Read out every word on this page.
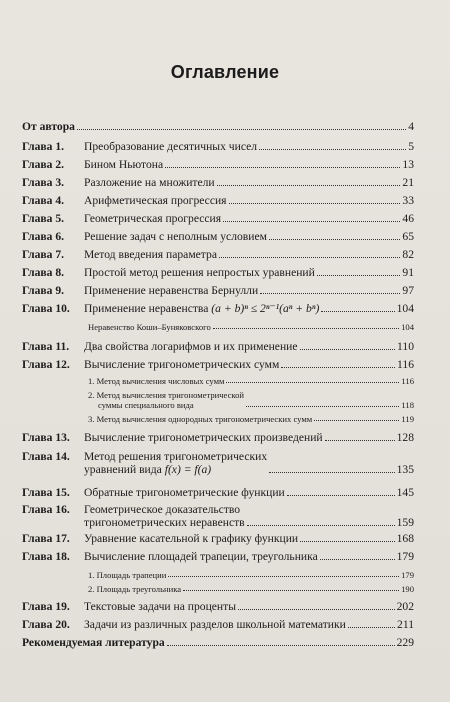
Оглавление
От автора	4
Глава 1.	Преобразование десятичных чисел	5
Глава 2.	Бином Ньютона	13
Глава 3.	Разложение на множители	21
Глава 4.	Арифметическая прогрессия	33
Глава 5.	Геометрическая прогрессия	46
Глава 6.	Решение задач с неполным условием	65
Глава 7.	Метод введения параметра	82
Глава 8.	Простой метод решения непростых уравнений	91
Глава 9.	Применение неравенства Бернулли	97
Глава 10.	Применение неравенства (a + b)ⁿ ≤ 2ⁿ⁻¹(aⁿ + bⁿ)	104
Неравенство Коши–Буняковского	104
Глава 11.	Два свойства логарифмов и их применение	110
Глава 12.	Вычисление тригонометрических сумм	116
1. Метод вычисления числовых сумм	116
2. Метод вычисления тригонометрической
суммы специального вида	118
3. Метод вычисления однородных тригонометрических сумм	119
Глава 13.	Вычисление тригонометрических произведений	128
Глава 14.	Метод решения тригонометрических
уравнений вида f(x) = f(a)	135
Глава 15.	Обратные тригонометрические функции	145
Глава 16.	Геометрическое доказательство
тригонометрических неравенств	159
Глава 17.	Уравнение касательной к графику функции	168
Глава 18.	Вычисление площадей трапеции, треугольника	179
1. Площадь трапеции	179
2. Площадь треугольника	190
Глава 19.	Текстовые задачи на проценты	202
Глава 20.	Задачи из различных разделов школьной математики	211
Рекомендуемая литература	229
